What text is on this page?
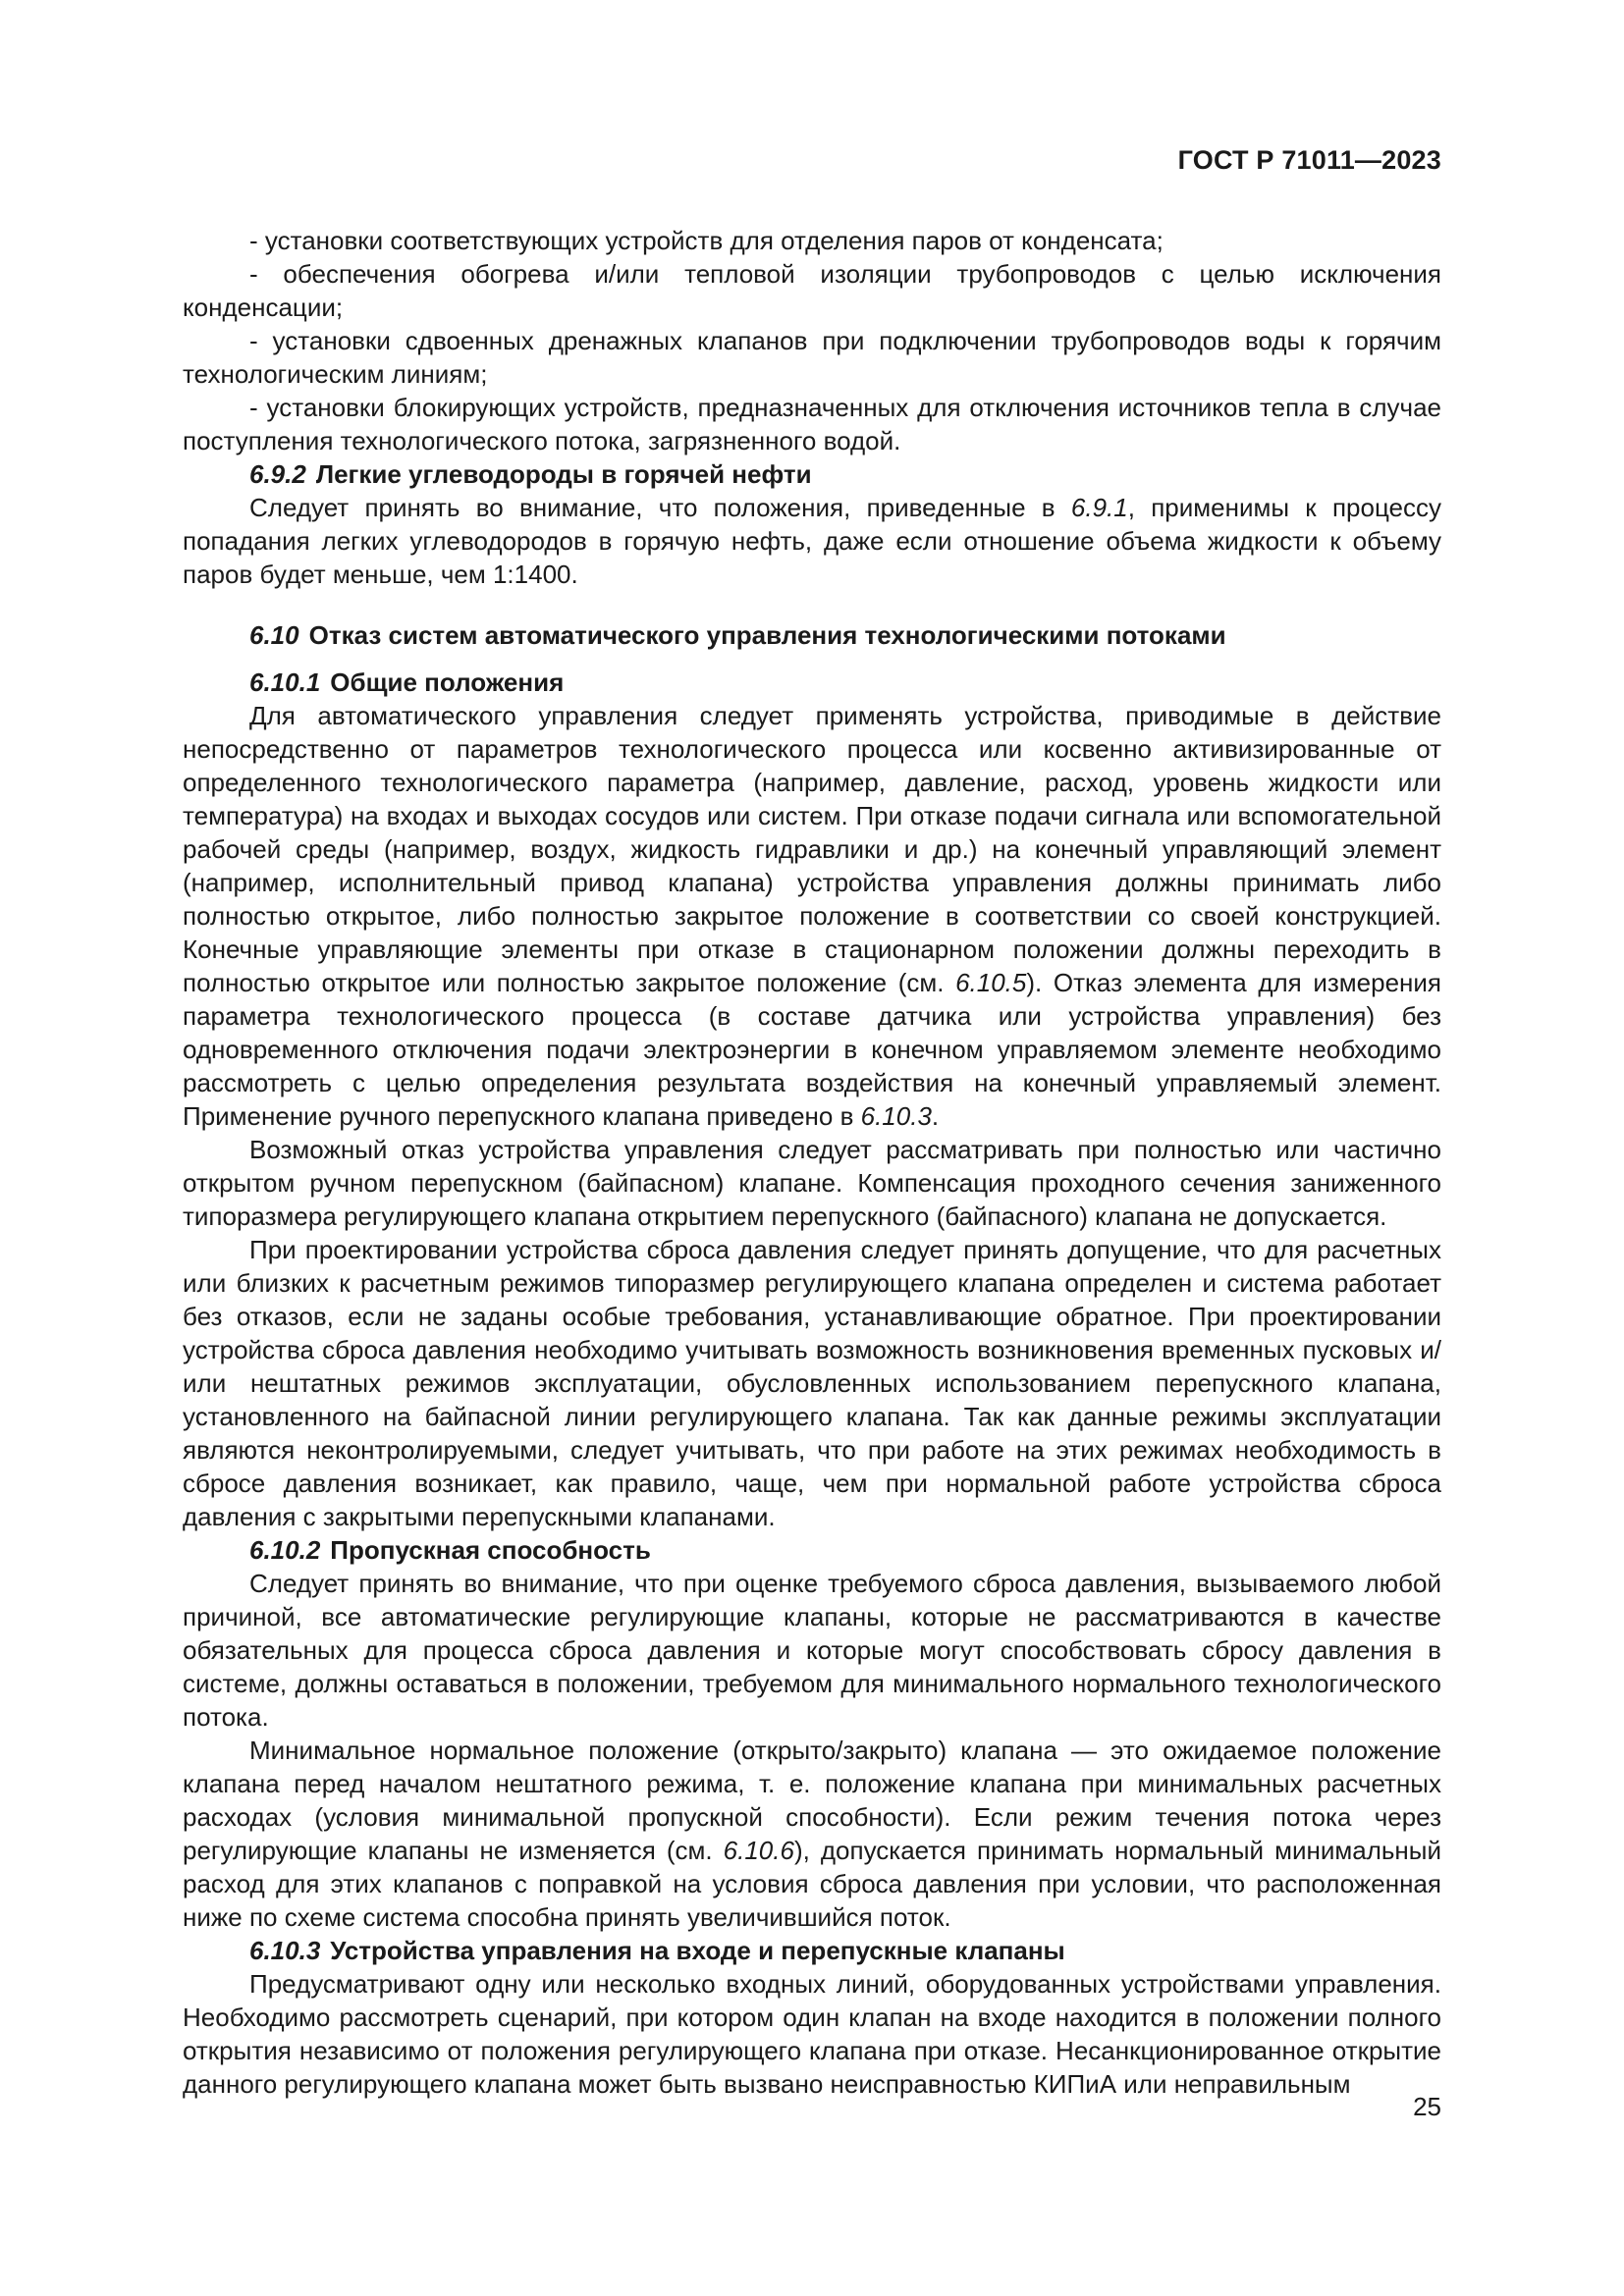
ГОСТ Р 71011—2023

- установки соответствующих устройств для отделения паров от конденсата;

- обеспечения обогрева и/или тепловой изоляции трубопроводов с целью исключения конденсации;

- установки сдвоенных дренажных клапанов при подключении трубопроводов воды к горячим технологическим линиям;

- установки блокирующих устройств, предназначенных для отключения источников тепла в случае поступления технологического потока, загрязненного водой.

6.9.2 Легкие углеводороды в горячей нефти

Следует принять во внимание, что положения, приведенные в 6.9.1, применимы к процессу попадания легких углеводородов в горячую нефть, даже если отношение объема жидкости к объему паров будет меньше, чем 1:1400.

6.10 Отказ систем автоматического управления технологическими потоками

6.10.1 Общие положения

Для автоматического управления следует применять устройства, приводимые в действие непосредственно от параметров технологического процесса или косвенно активизированные от определенного технологического параметра (например, давление, расход, уровень жидкости или температура) на входах и выходах сосудов или систем. При отказе подачи сигнала или вспомогательной рабочей среды (например, воздух, жидкость гидравлики и др.) на конечный управляющий элемент (например, исполнительный привод клапана) устройства управления должны принимать либо полностью открытое, либо полностью закрытое положение в соответствии со своей конструкцией. Конечные управляющие элементы при отказе в стационарном положении должны переходить в полностью открытое или полностью закрытое положение (см. 6.10.5). Отказ элемента для измерения параметра технологического процесса (в составе датчика или устройства управления) без одновременного отключения подачи электроэнергии в конечном управляемом элементе необходимо рассмотреть с целью определения результата воздействия на конечный управляемый элемент. Применение ручного перепускного клапана приведено в 6.10.3.

Возможный отказ устройства управления следует рассматривать при полностью или частично открытом ручном перепускном (байпасном) клапане. Компенсация проходного сечения заниженного типоразмера регулирующего клапана открытием перепускного (байпасного) клапана не допускается.

При проектировании устройства сброса давления следует принять допущение, что для расчетных или близких к расчетным режимов типоразмер регулирующего клапана определен и система работает без отказов, если не заданы особые требования, устанавливающие обратное. При проектировании устройства сброса давления необходимо учитывать возможность возникновения временных пусковых и/или нештатных режимов эксплуатации, обусловленных использованием перепускного клапана, установленного на байпасной линии регулирующего клапана. Так как данные режимы эксплуатации являются неконтролируемыми, следует учитывать, что при работе на этих режимах необходимость в сбросе давления возникает, как правило, чаще, чем при нормальной работе устройства сброса давления с закрытыми перепускными клапанами.

6.10.2 Пропускная способность

Следует принять во внимание, что при оценке требуемого сброса давления, вызываемого любой причиной, все автоматические регулирующие клапаны, которые не рассматриваются в качестве обязательных для процесса сброса давления и которые могут способствовать сбросу давления в системе, должны оставаться в положении, требуемом для минимального нормального технологического потока.

Минимальное нормальное положение (открыто/закрыто) клапана — это ожидаемое положение клапана перед началом нештатного режима, т. е. положение клапана при минимальных расчетных расходах (условия минимальной пропускной способности). Если режим течения потока через регулирующие клапаны не изменяется (см. 6.10.6), допускается принимать нормальный минимальный расход для этих клапанов с поправкой на условия сброса давления при условии, что расположенная ниже по схеме система способна принять увеличившийся поток.

6.10.3 Устройства управления на входе и перепускные клапаны

Предусматривают одну или несколько входных линий, оборудованных устройствами управления. Необходимо рассмотреть сценарий, при котором один клапан на входе находится в положении полного открытия независимо от положения регулирующего клапана при отказе. Несанкционированное открытие данного регулирующего клапана может быть вызвано неисправностью КИПиА или неправильным

25
